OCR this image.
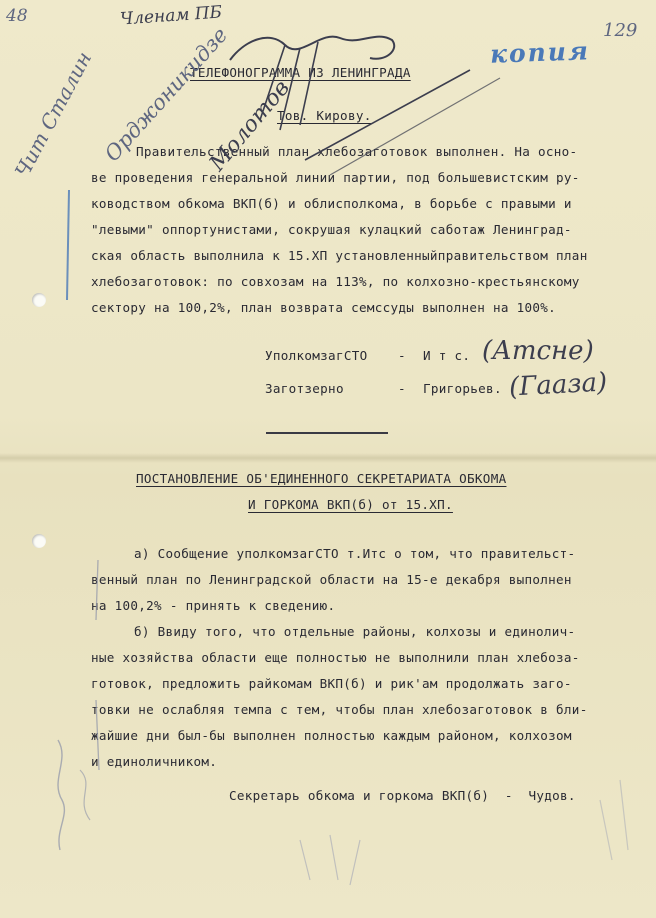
48
129
Членам ПБ
копия
ТЕЛЕФОНОГРАММА ИЗ ЛЕНИНГРАДА
Тов. Кирову.
Правительственный план хлебозаготовок выполнен. На осно-
ве проведения генеральной линии партии, под большевистским ру-
ководством обкома ВКП(б) и облисполкома, в борьбе с правыми и
"левыми" оппортунистами, сокрушая кулацкий саботаж Ленинград-
ская область выполнила к 15.ХП установленныйправительством план
хлебозаготовок: по совхозам на 113%, по колхозно-крестьянскому
сектору на 100,2%, план возврата семссуды выполнен на 100%.
УполкомзагСТО - И т с. (Атсне)
Заготзерно	- Григорьев. (Гааза)
ПОСТАНОВЛЕНИЕ ОБ'ЕДИНЕННОГО СЕКРЕТАРИАТА ОБКОМА
И ГОРКОМА ВКП(б) от 15.ХП.
а) Сообщение уполкомзагСТО т.Итс о том, что правительст-
венный план по Ленинградской области на 15-е декабря выполнен
на 100,2% - принять к сведению.
б) Ввиду того, что отдельные районы, колхозы и единолич-
ные хозяйства области еще полностью не выполнили план хлебоза-
готовок, предложить райкомам ВКП(б) и рик'ам продолжать заго-
товки не ослабляя темпа с тем, чтобы план хлебозаготовок в бли-
жайшие дни был-бы выполнен полностью каждым районом, колхозом
и единоличником.
Секретарь обкома и горкома ВКП(б)  -  Чудов.
Чит Сталин Орджоникидзе
Молотов
